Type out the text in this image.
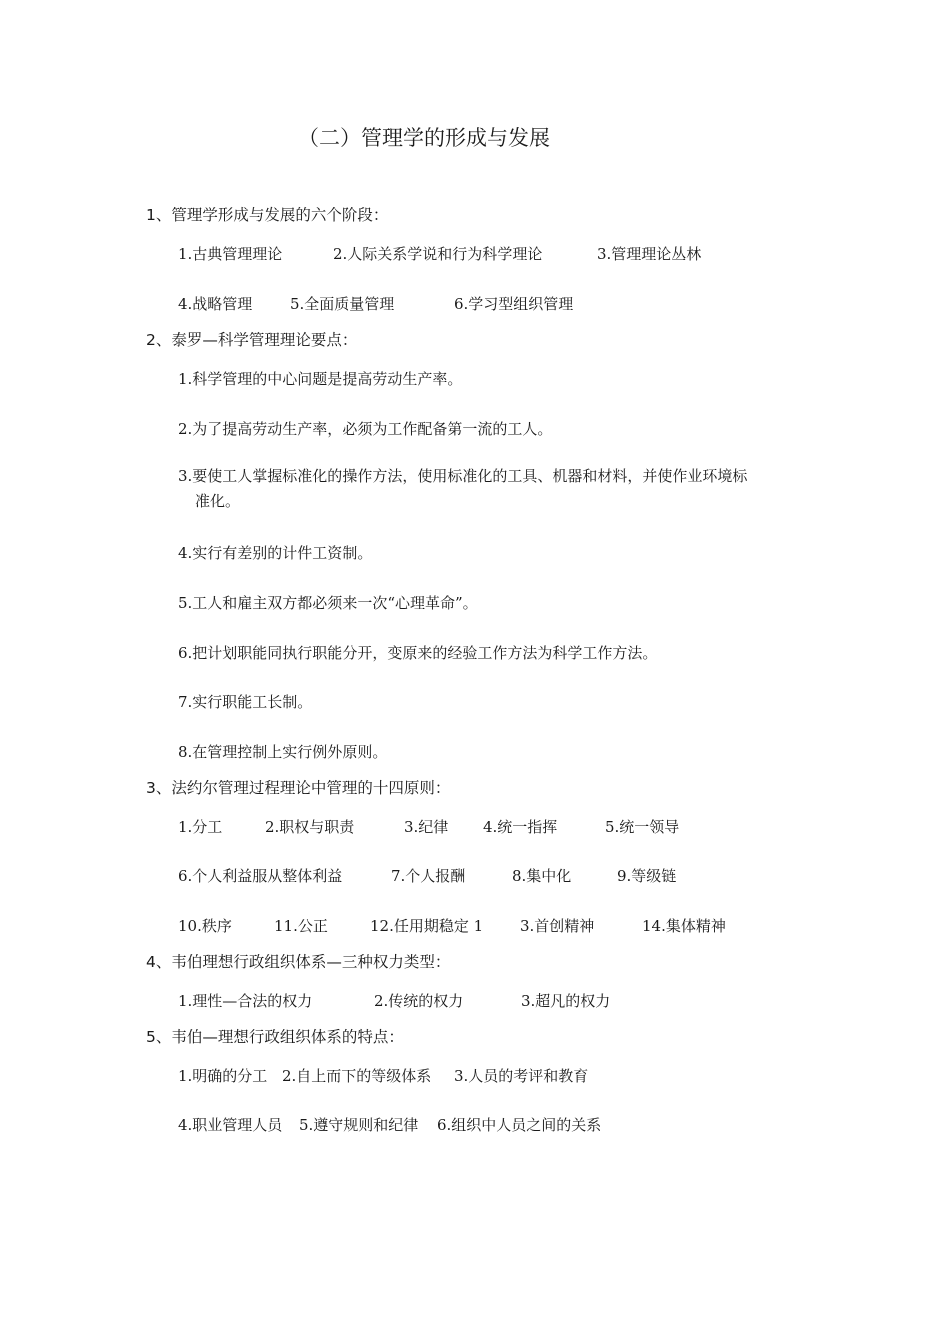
（二）管理学的形成与发展
1、管理学形成与发展的六个阶段：
1.古典管理理论	2.人际关系学说和行为科学理论	3.管理理论丛林
4.战略管理	5.全面质量管理	6.学习型组织管理
2、泰罗—科学管理理论要点：
1.科学管理的中心问题是提高劳动生产率。
2.为了提高劳动生产率，必须为工作配备第一流的工人。
3.要使工人掌握标准化的操作方法，使用标准化的工具、机器和材料，并使作业环境标
准化。
4.实行有差别的计件工资制。
5.工人和雇主双方都必须来一次“心理革命”。
6.把计划职能同执行职能分开，变原来的经验工作方法为科学工作方法。
7.实行职能工长制。
8.在管理控制上实行例外原则。
3、法约尔管理过程理论中管理的十四原则：
1.分工	2.职权与职责	3.纪律 4.统一指挥	5.统一领导
6.个人利益服从整体利益	7.个人报酬	8.集中化	9.等级链
10.秩序	11.公正	12.任用期稳定 1 3.首创精神	14.集体精神
4、韦伯理想行政组织体系—三种权力类型：
1.理性—合法的权力	2.传统的权力	3.超凡的权力
5、韦伯—理想行政组织体系的特点：
1.明确的分工 2.自上而下的等级体系 3.人员的考评和教育
4.职业管理人员 5.遵守规则和纪律 6.组织中人员之间的关系
